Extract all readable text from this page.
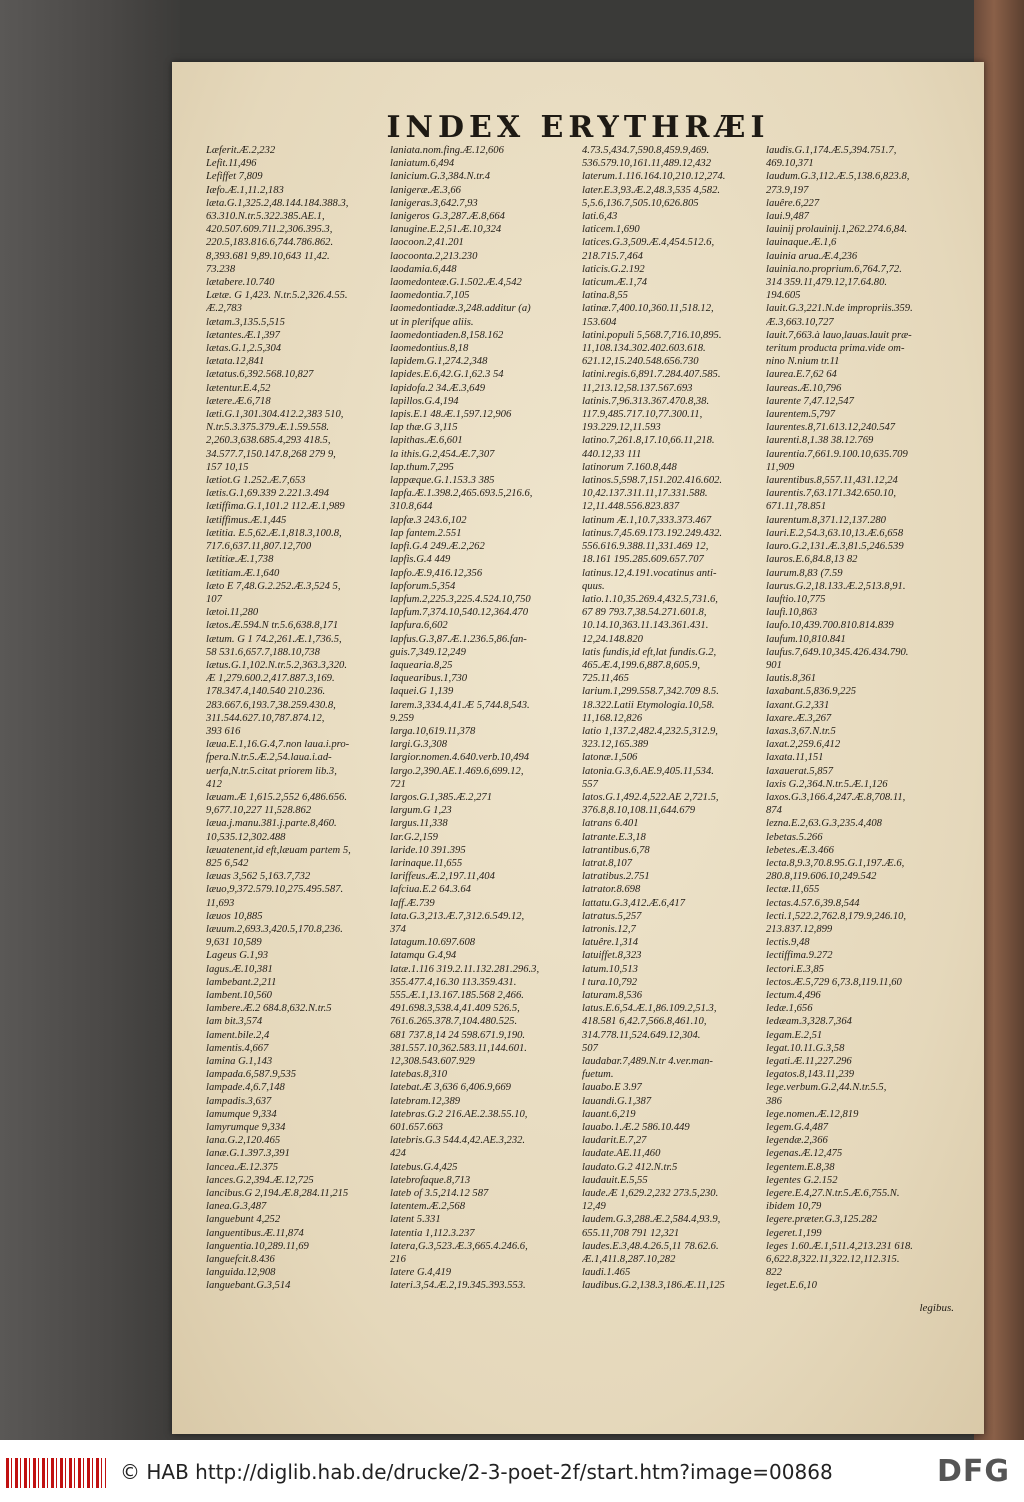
INDEX ERYTHRÆI
Læferit.Æ.2,232
Lefit.11,496
Lefiffet 7,809
Iæfo.Æ.1,11.2,183
læta.G.1,325.2,48.144.184.388.3,
63.310.N.tr.5.322.385.AE.1,
420.507.609.711.2,306.395.3,
220.5,183.816.6,744.786.862.
8,393.681 9,89.10,643 11,42.
73.238
lætabere.10.740
Lætæ. G 1,423. N.tr.5.2,326.4.55.
Æ.2,783
lætam.3,135.5,515
lætantes.Æ.1,397
lætas.G.1,2.5,304
lætata.12,841
lætatus.6,392.568.10,827
lætentur.E.4,52
lætere.Æ.6,718
læti.G.1,301.304.412.2,383 510,
N.tr.5.3.375.379.Æ.1.59.558.
2,260.3,638.685.4,293 418.5,
34.577.7,150.147.8,268 279 9,
157 10,15
lætiot.G 1.252.Æ.7,653
lætis.G.1,69.339 2.221.3.494
lætiffima.G.1,101.2 112.Æ.1,989
lætiffimus.Æ.1,445
lætitia. E.5,62.Æ.1,818.3,100.8,
717.6,637.11,807.12,700
lætitiæ.Æ.1,738
lætitiam.Æ.1,640
læto E 7,48.G.2.252.Æ.3,524 5,
107
lætoi.11,280
lætos.Æ.594.N tr.5.6,638.8,171
lætum. G 1 74.2,261.Æ.1,736.5,
58 531.6,657.7,188.10,738
lætus.G.1,102.N.tr.5.2,363.3,320.
Æ 1,279.600.2,417.887.3,169.
178.347.4,140.540 210.236.
283.667.6,193.7,38.259.430.8,
311.544.627.10,787.874.12,
393 616
læua.E.1,16.G.4,7.non laua.i.pro-
fpera.N.tr.5.Æ.2,54.laua.i.ad-
uerfa,N.tr.5.citat priorem lib.3,
412
læuam.Æ 1,615.2,552 6,486.656.
9,677.10,227 11,528.862
læua.j.manu.381.j.parte.8,460.
10,535.12,302.488
læuatenent,id eft,læuam partem 5,
825 6,542
læuas 3,562 5,163.7,732
læuo,9,372.579.10,275.495.587.
11,693
læuos 10,885
læuum.2,693.3,420.5,170.8,236.
9,631 10,589
Lageus G.1,93
lagus.Æ.10,381
lambebant.2,211
lambent.10,560
lambere.Æ.2 684.8,632.N.tr.5
lam bit.3,574
lament.bile.2,4
lamentis.4,667
lamina G.1,143
lampada.6,587.9,535
lampade.4,6.7,148
lampadis.3,637
lamumque 9,334
lamyrumque 9,334
lana.G.2,120.465
lanæ.G.1.397.3,391
lancea.Æ.12.375
lances.G.2,394.Æ.12,725
lancibus.G 2,194.Æ.8,284.11,215
lanea.G.3,487
languebunt 4,252
languentibus.Æ.11,874
languentia.10,289.11,69
languefcit.8.436
languida.12,908
languebant.G.3,514
laniata.nom.fing.Æ.12,606
laniatum.6,494
lanicium.G.3,384.N.tr.4
lanigeræ.Æ.3,66
lanigeras.3,642.7,93
lanigeros G.3,287.Æ.8,664
lanugine.E.2,51.Æ.10,324
laocoon.2,41.201
laocoonta.2,213.230
laodamia.6,448
laomedonteæ.G.1.502.Æ.4,542
laomedontia.7,105
laomedontiadæ.3,248.additur (a)
ut in plerifque aliis.
laomedontiaden.8,158.162
laomedontius.8,18
lapidem.G.1,274.2,348
lapides.E.6,42.G.1,62.3 54
lapidofa.2 34.Æ.3,649
lapillos.G.4,194
lapis.E.1 48.Æ.1,597.12,906
lap thæ.G 3,115
lapithas.Æ.6,601
la ithis.G.2,454.Æ.7,307
lap.thum.7,295
lappæque.G.1.153.3 385
lapfa.Æ.1.398.2,465.693.5,216.6,
310.8,644
lapfæ.3 243.6,102
lap fantem.2.551
lapfi.G.4 249.Æ.2,262
lapfis.G.4 449
lapfo.Æ.9,416.12,356
lapforum.5,354
lapfum.2,225.3,225.4.524.10,750
lapfum.7,374.10,540.12,364.470
lapfura.6,602
lapfus.G.3,87.Æ.1.236.5,86.fan-
guis.7,349.12,249
laquearia.8,25
laquearibus.1,730
laquei.G 1,139
larem.3,334.4,41.Æ 5,744.8,543.
9.259
larga.10,619.11,378
largi.G.3,308
largior.nomen.4.640.verb.10,494
largo.2,390.AE.1.469.6,699.12,
721
largos.G.1,385.Æ.2,271
largum.G 1,23
largus.11,338
lar.G.2,159
laride.10 391.395
larinaque.11,655
lariffeus.Æ.2,197.11,404
lafciua.E.2 64.3.64
laff.Æ.739
lata.G.3,213.Æ.7,312.6.549.12,
374
latagum.10.697.608
latamqu G.4,94
latæ.1.116 319.2.11.132.281.296.3,
355.477.4,16.30 113.359.431.
555.Æ.1,13.167.185.568 2,466.
491.698.3,538.4,41.409 526.5,
761.6.265.378.7,104.480.525.
681 737.8,14 24 598.671.9,190.
381.557.10,362.583.11,144.601.
12,308.543.607.929
latebas.8,310
latebat.Æ 3,636 6,406.9,669
latebram.12,389
latebras.G.2 216.AE.2.38.55.10,
601.657.663
latebris.G.3 544.4,42.AE.3,232.
424
latebus.G.4,425
latebrofaque.8,713
lateb of 3.5,214.12 587
latentem.Æ.2,568
latent 5.331
latentia 1,112.3.237
latera,G.3,523.Æ.3,665.4.246.6,
216
latere G.4,419
lateri.3,54.Æ.2,19.345.393.553.
4.73.5,434.7,590.8,459.9,469.
536.579.10,161.11,489.12,432
laterum.1.116.164.10,210.12,274.
later.E.3,93.Æ.2,48.3,535 4,582.
5,5.6,136.7,505.10,626.805
lati.6,43
laticem.1,690
latices.G.3,509.Æ.4,454.512.6,
218.715.7,464
laticis.G.2.192
laticum.Æ.1,74
latina.8,55
latinæ.7,400.10,360.11,518.12,
153.604
latini.populi 5,568.7,716.10,895.
11,108.134.302.402.603.618.
621.12,15.240.548.656.730
latini.regis.6,891.7.284.407.585.
11,213.12,58.137.567.693
latinis.7,96.313.367.470.8,38.
117.9,485.717.10,77.300.11,
193.229.12,11.593
latino.7,261.8,17.10,66.11,218.
440.12,33 111
latinorum 7.160.8,448
latinos.5,598.7,151.202.416.602.
10,42.137.311.11,17.331.588.
12,11.448.556.823.837
latinum Æ.1,10.7,333.373.467
latinus.7,45.69.173.192.249.432.
556.616.9.388.11,331.469 12,
18.161 195.285.609.657.707
latinus.12,4.191.vocatinus anti-
quus.
latio.1.10,35.269.4,432.5,731.6,
67 89 793.7,38.54.271.601.8,
10.14.10,363.11.143.361.431.
12,24.148.820
latis fundis,id eft,lat fundis.G.2,
465.Æ.4,199.6,887.8,605.9,
725.11,465
larium.1,299.558.7,342.709 8.5.
18.322.Latii Etymologia.10,58.
11,168.12,826
latio 1,137.2,482.4,232.5,312.9,
323.12,165.389
latonæ.1,506
latonia.G.3,6.AE.9,405.11,534.
557
latos.G.1,492.4,522.AE 2,721.5,
376.8,8.10,108.11,644.679
latrans 6.401
latrante.E.3,18
latrantibus.6,78
latrat.8,107
latratibus.2.751
latrator.8.698
lattatu.G.3,412.Æ.6,417
latratus.5,257
latronis.12,7
latuêre.1,314
latuiffet.8,323
latum.10,513
l tura.10,792
laturam.8,536
latus.E.6,54.Æ.1,86.109.2,51.3,
418.581 6,42.7,566.8,461.10,
314.778.11,524.649.12,304.
507
laudabar.7,489.N.tr 4.ver.man-
fuetum.
lauabo.E 3.97
lauandi.G.1,387
lauant.6,219
lauabo.1.Æ.2 586.10.449
laudarit.E.7,27
laudate.AE.11,460
laudato.G.2 412.N.tr.5
laudauit.E.5,55
laude.Æ 1,629.2,232 273.5,230.
12,49
laudem.G.3,288.Æ.2,584.4,93.9,
655.11,708 791 12,321
laudes.E.3,48.4.26.5,11 78.62.6.
Æ.1,411.8,287.10,282
laudi.1.465
laudibus.G.2,138.3,186.Æ.11,125
laudis.G.1,174.Æ.5,394.751.7,
469.10,371
laudum.G.3,112.Æ.5,138.6,823.8,
273.9,197
lauêre.6,227
laui.9,487
lauinij prolauinij.1,262.274.6,84.
lauinaque.Æ.1,6
lauinia arua.Æ.4,236
lauinia.no.proprium.6,764.7,72.
314 359.11,479.12,17.64.80.
194.605
lauit.G.3,221.N.de impropriis.359.
Æ.3,663.10,727
lauit.7,663.à lauo,lauas.lauit præ-
teritum producta prima.vide om-
nino N.nium tr.11
laurea.E.7,62 64
laureas.Æ.10,796
laurente 7,47.12,547
laurentem.5,797
laurentes.8,71.613.12,240.547
laurenti.8,1.38 38.12.769
laurentia.7,661.9.100.10,635.709
11,909
laurentibus.8,557.11,431.12,24
laurentis.7,63.171.342.650.10,
671.11,78.851
laurentum.8,371.12,137.280
lauri.E.2,54.3,63.10,13.Æ.6,658
lauro.G.2,131.Æ.3,81.5,246.539
lauros.E.6,84.8,13 82
laurum.8,83 (7.59
laurus.G.2,18.133.Æ.2,513.8,91.
lauftio.10,775
laufi.10,863
laufo.10,439.700.810.814.839
laufum.10,810.841
laufus.7,649.10,345.426.434.790.
901
lautis.8,361
laxabant.5,836.9,225
laxant.G.2,331
laxare.Æ.3,267
laxas.3,67.N.tr.5
laxat.2,259.6,412
laxata.11,151
laxauerat.5,857
laxis G.2,364.N.tr.5.Æ.1,126
laxos.G.3,166.4,247.Æ.8,708.11,
874
lezna.E.2,63.G.3,235.4,408
lebetas.5.266
lebetes.Æ.3.466
lecta.8,9.3,70.8.95.G.1,197.Æ.6,
280.8,119.606.10,249.542
lectæ.11,655
lectas.4.57.6,39.8,544
lecti.1,522.2,762.8,179.9,246.10,
213.837.12,899
lectis.9,48
lectiffima.9.272
lectori.E.3,85
lectos.Æ.5,729 6,73.8,119.11,60
lectum.4,496
ledæ.1,656
ledæam.3,328.7,364
legam.E.2,51
legat.10.11.G.3,58
legati.Æ.11,227.296
legatos.8,143.11,239
lege.verbum.G.2,44.N.tr.5.5,
386
lege.nomen.Æ.12,819
legem.G.4,487
legendæ.2,366
legenas.Æ.12,475
legentem.E.8,38
legentes G.2.152
legere.E.4,27.N.tr.5.Æ.6,755.N.
ibidem 10,79
legere.præter.G.3,125.282
legeret.1,199
leges 1.60.Æ.1,511.4,213.231 618.
6,622.8,322.11,322.12,112.315.
822
leget.E.6,10
legibus.
© HAB http://diglib.hab.de/drucke/2-3-poet-2f/start.htm?image=00868	DFG
